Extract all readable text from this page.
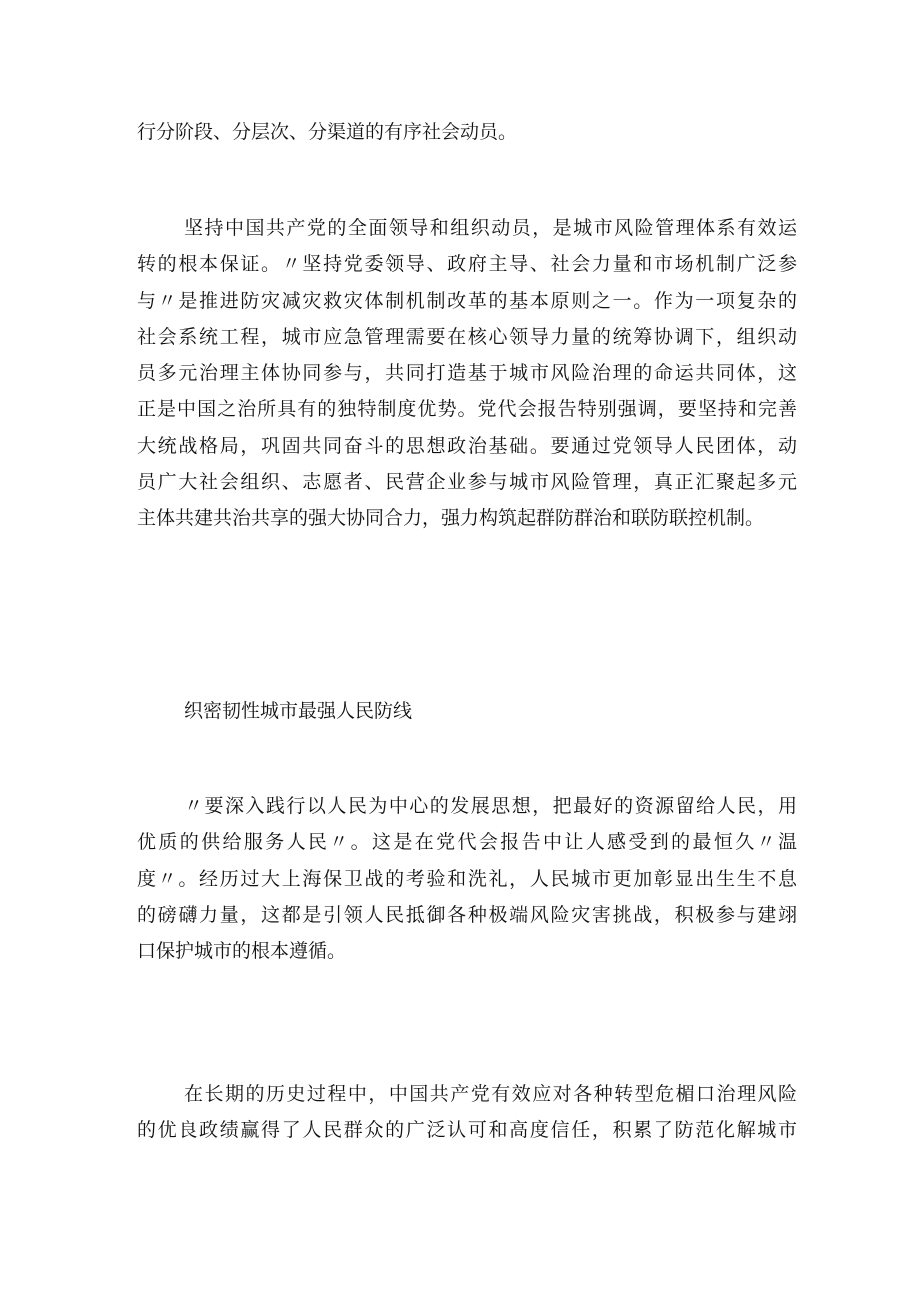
行分阶段、分层次、分渠道的有序社会动员。
坚持中国共产党的全面领导和组织动员，是城市风险管理体系有效运
转的根本保证。〃坚持党委领导、政府主导、社会力量和市场机制广泛参
与〃是推进防灾减灾救灾体制机制改革的基本原则之一。作为一项复杂的
社会系统工程，城市应急管理需要在核心领导力量的统筹协调下，组织动
员多元治理主体协同参与，共同打造基于城市风险治理的命运共同体，这
正是中国之治所具有的独特制度优势。党代会报告特别强调，要坚持和完善
大统战格局，巩固共同奋斗的思想政治基础。要通过党领导人民团体，动
员广大社会组织、志愿者、民营企业参与城市风险管理，真正汇聚起多元
主体共建共治共享的强大协同合力，强力构筑起群防群治和联防联控机制。
织密韧性城市最强人民防线
〃要深入践行以人民为中心的发展思想，把最好的资源留给人民，用
优质的供给服务人民〃。这是在党代会报告中让人感受到的最恒久〃温
度〃。经历过大上海保卫战的考验和洗礼，人民城市更加彰显出生生不息
的磅礴力量，这都是引领人民抵御各种极端风险灾害挑战，积极参与建翊
口保护城市的根本遵循。
在长期的历史过程中，中国共产党有效应对各种转型危楣口治理风险
的优良政绩赢得了人民群众的广泛认可和高度信任，积累了防范化解城市
